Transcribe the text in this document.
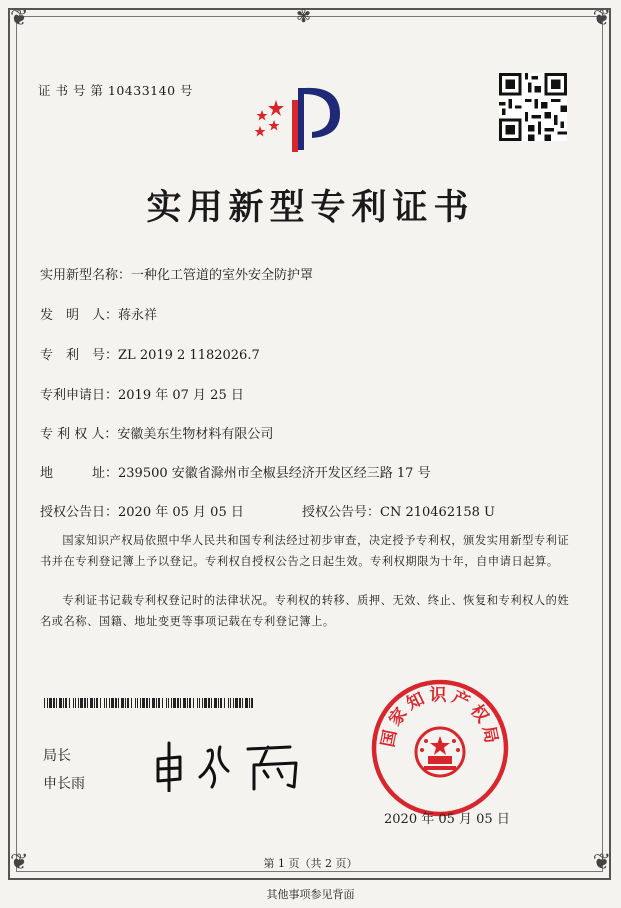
❦	❦
❦	❦
✾
证 书 号 第 10433140 号
实用新型专利证书
实用新型名称：一种化工管道的室外安全防护罩
发　明　人：蒋永祥
专　利　号：ZL 2019 2 1182026.7
专利申请日：2019 年 07 月 25 日
专 利 权 人：安徽美东生物材料有限公司
地　　　址：239500 安徽省滁州市全椒县经济开发区经三路 17 号
授权公告日：2020 年 05 月 05 日	授权公告号：CN 210462158 U
国家知识产权局依照中华人民共和国专利法经过初步审查，决定授予专利权，颁发实用新型专利证书并在专利登记簿上予以登记。专利权自授权公告之日起生效。专利权期限为十年，自申请日起算。
专利证书记载专利权登记时的法律状况。专利权的转移、质押、无效、终止、恢复和专利权人的姓名或名称、国籍、地址变更等事项记载在专利登记簿上。
局长
申长雨
国家知识产权局
2020 年 05 月 05 日
第 1 页（共 2 页）
其他事项参见背面
